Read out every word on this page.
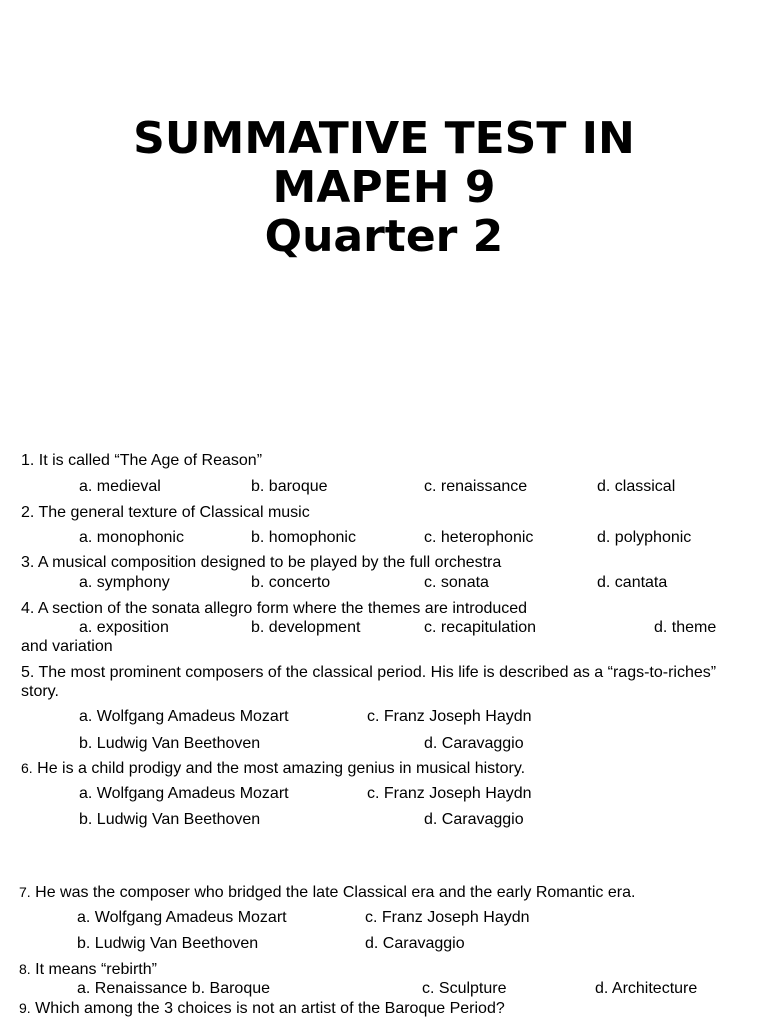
SUMMATIVE TEST IN
MAPEH 9
Quarter 2
1. It is called “The Age of Reason”
a. medieval	b. baroque	c. renaissance	d. classical
2. The general texture of Classical music
a. monophonic	b. homophonic	c. heterophonic	d. polyphonic
3. A musical composition designed to be played by the full orchestra
a. symphony	b. concerto	c. sonata	d. cantata
4. A section of the sonata allegro form where the themes are introduced
a. exposition	b. development	c. recapitulation	d. theme
and variation
5. The most prominent composers of the classical period. His life is described as a “rags-to-riches” story.
a. Wolfgang Amadeus Mozart	c. Franz Joseph Haydn
b. Ludwig Van Beethoven	d. Caravaggio
6. He is a child prodigy and the most amazing genius in musical history.
a. Wolfgang Amadeus Mozart	c. Franz Joseph Haydn
b. Ludwig Van Beethoven	d. Caravaggio
7. He was the composer who bridged the late Classical era and the early Romantic era.
a. Wolfgang Amadeus Mozart	c. Franz Joseph Haydn
b. Ludwig Van Beethoven	d. Caravaggio
8. It means “rebirth”
a. Renaissance b. Baroque	c. Sculpture	d. Architecture
9. Which among the 3 choices is not an artist of the Baroque Period?
